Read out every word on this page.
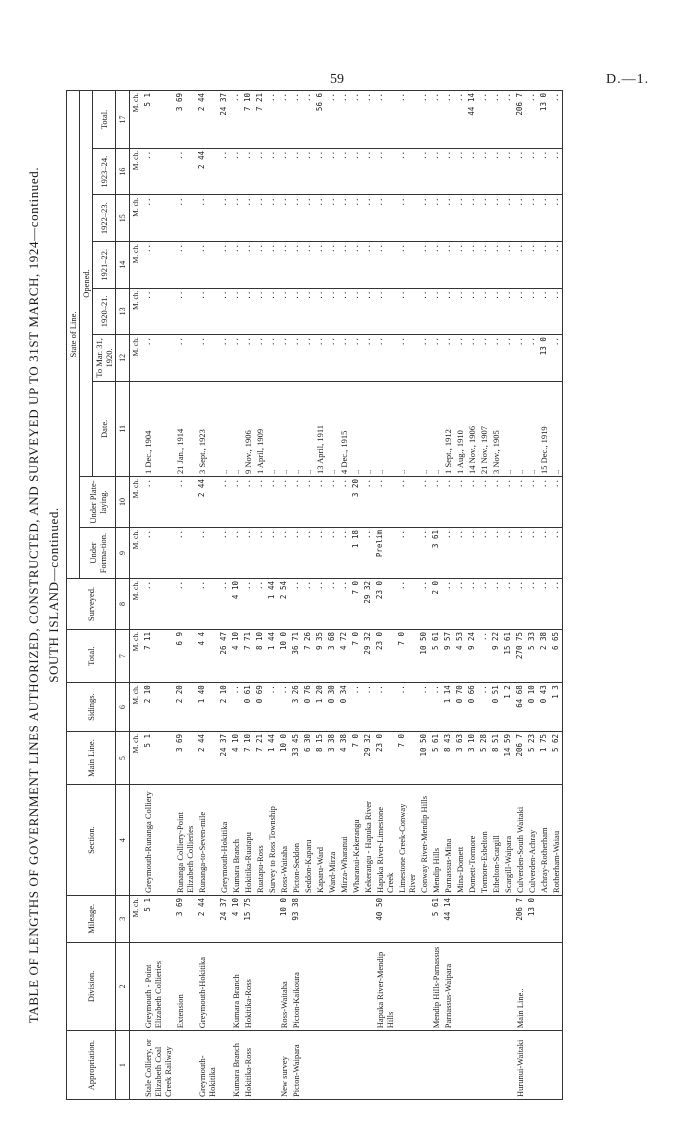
59	D.—1.
TABLE OF LENGTHS OF GOVERNMENT LINES AUTHORIZED, CONSTRUCTED, AND SURVEYED UP TO 31ST MARCH, 1924—continued. SOUTH ISLAND—continued.
Appropriation.	Division.	Mileage.	Section.	Main Line.	Sidings.	Total.	Surveyed.	State of Line.								
								Under Forma-tion.	Under Plate-laying.	Opened.						
										Date.	To Mar. 31, 1920.	1920–21.	1921–22.	1922–23.	1923–24.	Total.
1	2	3	4	5	6	7	8	9	10	11	12	13	14	15	16	17
		M. ch.		M. ch.	M. ch.	M. ch.	M. ch.	M. ch.	M. ch.		M. ch.	M. ch.	M. ch.	M. ch.	M. ch.	M. ch.
Stale Colliery, or Elizabeth Coal Creek Railway	Greymouth - Point Elizabeth Collieries	5 1	Greymouth-Runanga Colliery	5 1	2 10	7 11	..	..	..	1 Dec., 1904	..	..	..	..	..	5 1
	Extension	3 69	Runanga Colliery-Point Elizabeth Collieries	3 69	2 20	6 9	..	..	..	21 Jan., 1914	..	..	..	..	..	3 69
Greymouth-Hokitika	Greymouth-Hokitika	2 44	Runanga-to-Seven-mile	2 44	1 40	4 4	..	..	2 44	3 Sept., 1923	..	..	..	..	2 44	2 44
		24 37	Greymouth-Hokitika	24 37	2 10	26 47	..	..	..	..	..	..	..	..	..	24 37
Kumara Branch	Kumara Branch	4 10	Kumara Branch	4 10	..	4 10	4 10	..	..	..	..	..	..	..	..	..
Hokitika-Ross	Hokitika-Ross	15 75	Hokitika-Ruatapu	7 10	0 61	7 71	..	..	..	9 Nov., 1906	..	..	..	..	..	7 10
			Ruatapu-Ross	7 21	0 69	8 10	..	..	..	1 April, 1909	..	..	..	..	..	7 21
			Survey to Ross Township	1 44	..	1 44	1 44	..	..	..	..	..	..	..	..	..
New survey	Ross-Waitaha	10 0	Ross-Waitaha	10 0	..	10 0	2 54	..	..	..	..	..	..	..	..	..
Picton-Waipara	Picton-Kaikoura	93 38	Picton-Seddon	33 45	3 26	36 71	..	..	..	..	..	..	..	..	..	..
			Seddon-Kaparu	6 30	0 76	7 26	..	..	..	..	..	..	..	..	..	..
			Kaparu-Ward	8 15	1 20	9 35	..	..	..	13 April, 1911	..	..	..	..	..	56 6
			Ward-Mirza	3 38	0 30	3 68	..	..	..	..	..	..	..	..	..	..
			Mirza-Wharanui	4 38	0 34	4 72	..	..	..	4 Dec., 1915	..	..	..	..	..	..
			Wharanui-Kekerangu	7 0	..	7 0	7 0	1 18	3 20	..	..	..	..	..	..	..
			Kekerangu - Hapuka River	29 32	..	29 32	29 32	..	..	..	..	..	..	..	..	..
	Hapuka River-Mendip Hills	40 50	Hapuka River-Limestone Creek	23 0	..	23 0	23 0	Prelim	..	..	..	..	..	..	..	..
			Limestone Creek-Conway River	7 0	..	7 0	..	..	..	..	..	..	..	..	..	..
			Conway River-Mendip Hills	10 50	..	10 50	..	..	..	..	..	..	..	..	..	..
	Mendip Hills-Parnassus	5 61	Mendip Hills	5 61	..	5 61	2 0	3 61	..	..	..	..	..	..	..	..
	Parnassus-Waipara	44 14	Parnassus-Mina	8 43	1 14	9 57	..	..	..	1 Sept., 1912	..	..	..	..	..	..
			Mina-Domett	3 63	0 70	4 53	..	..	..	1 Aug., 1910	..	..	..	..	..	..
			Domett-Tormore	3 10	0 66	9 24	..	..	..	14 Nov., 1906	..	..	..	..	..	44 14
			Tormore-Esbelton	5 28	..	..	..	..	..	21 Nov., 1907	..	..	..	..	..	..
			Ethelton-Scargill	8 51	0 51	9 22	..	..	..	3 Nov., 1905	..	..	..	..	..	..
			Scargill-Waipara	14 59	1 2	15 61	..	..	..	..	..	..	..	..	..	..
Hurunui-Waitaki	Main Line..	206 7	Culverden-South Waitaki	206 7	64 68	270 75	..	..	..	..	..	..	..	..	..	206 7
		13 0	Culverden-Achray	5 23	0 10	5 33	..	..	..	..	..	..	..	..	..	..
			Achray-Rotherham	1 75	0 43	2 38	..	..	..	15 Dec., 1919	13 0	..	..	..	..	13 0
			Rotherham-Waiau	5 62	1 3	6 65	..	..	..	..	..	..	..	..	..	..
